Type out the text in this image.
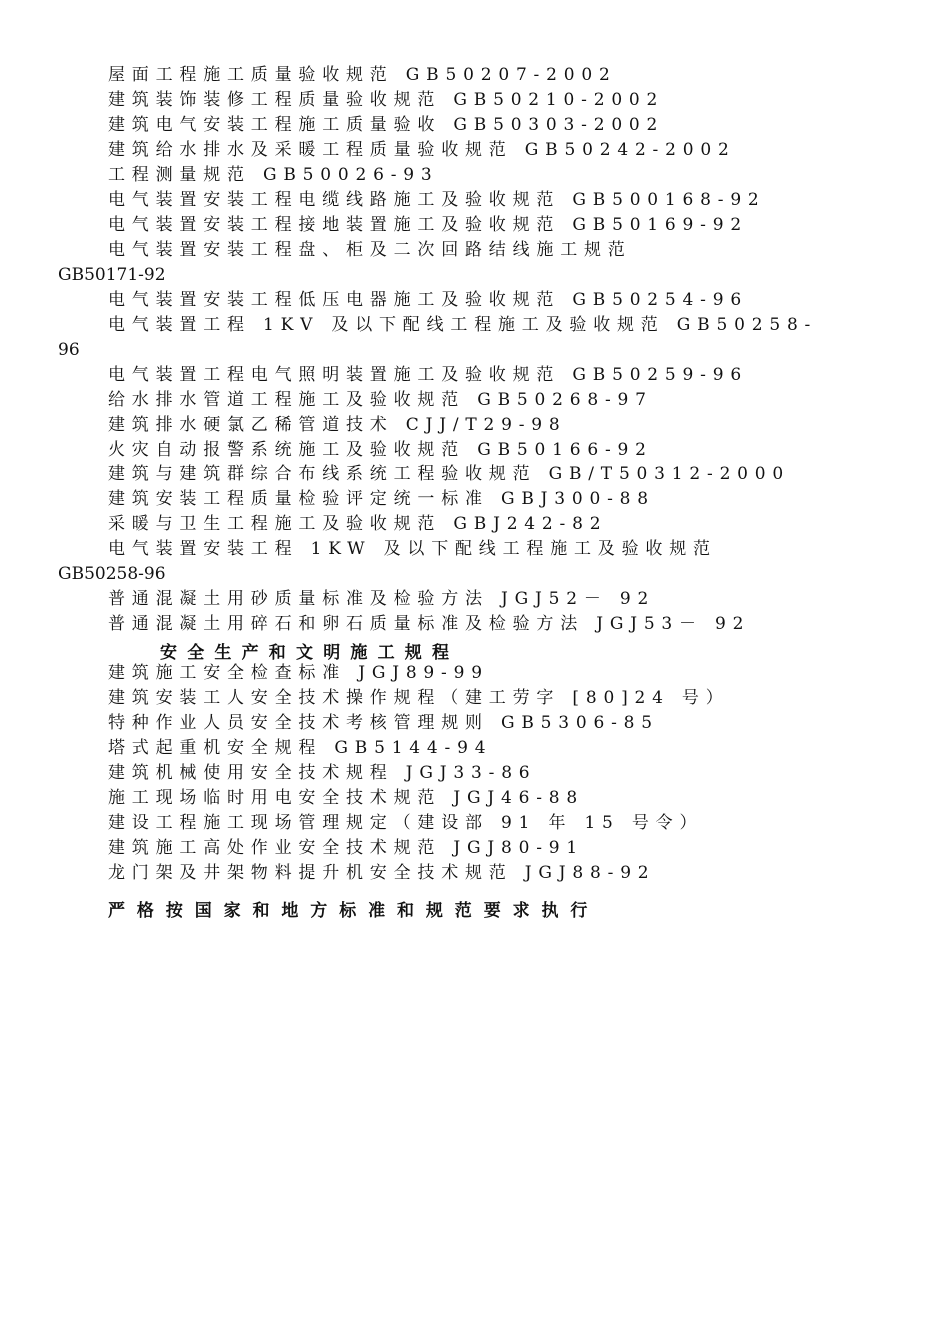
屋面工程施工质量验收规范 GB50207-2002
建筑装饰装修工程质量验收规范 GB50210-2002
建筑电气安装工程施工质量验收 GB50303-2002
建筑给水排水及采暖工程质量验收规范 GB50242-2002
工程测量规范 GB50026-93
电气装置安装工程电缆线路施工及验收规范 GB500168-92
电气装置安装工程接地装置施工及验收规范 GB50169-92
电气装置安装工程盘、柜及二次回路结线施工规范
GB50171-92
电气装置安装工程低压电器施工及验收规范 GB50254-96
电气装置工程 1KV 及以下配线工程施工及验收规范 GB50258-
96
电气装置工程电气照明装置施工及验收规范 GB50259-96
给水排水管道工程施工及验收规范 GB50268-97
建筑排水硬氯乙稀管道技术 CJJ/T29-98
火灾自动报警系统施工及验收规范 GB50166-92
建筑与建筑群综合布线系统工程验收规范 GB/T50312-2000
建筑安装工程质量检验评定统一标准 GBJ300-88
采暖与卫生工程施工及验收规范 GBJ242-82
电气装置安装工程 1KW 及以下配线工程施工及验收规范
GB50258-96
普通混凝土用砂质量标准及检验方法 JGJ52－ 92
普通混凝土用碎石和卵石质量标准及检验方法 JGJ53－ 92
安全生产和文明施工规程
建筑施工安全检查标准 JGJ89-99
建筑安装工人安全技术操作规程（建工劳字 [80]24 号）
特种作业人员安全技术考核管理规则 GB5306-85
塔式起重机安全规程 GB5144-94
建筑机械使用安全技术规程 JGJ33-86
施工现场临时用电安全技术规范 JGJ46-88
建设工程施工现场管理规定（建设部 91 年 15 号令）
建筑施工高处作业安全技术规范 JGJ80-91
龙门架及井架物料提升机安全技术规范 JGJ88-92
严格按国家和地方标准和规范要求执行
